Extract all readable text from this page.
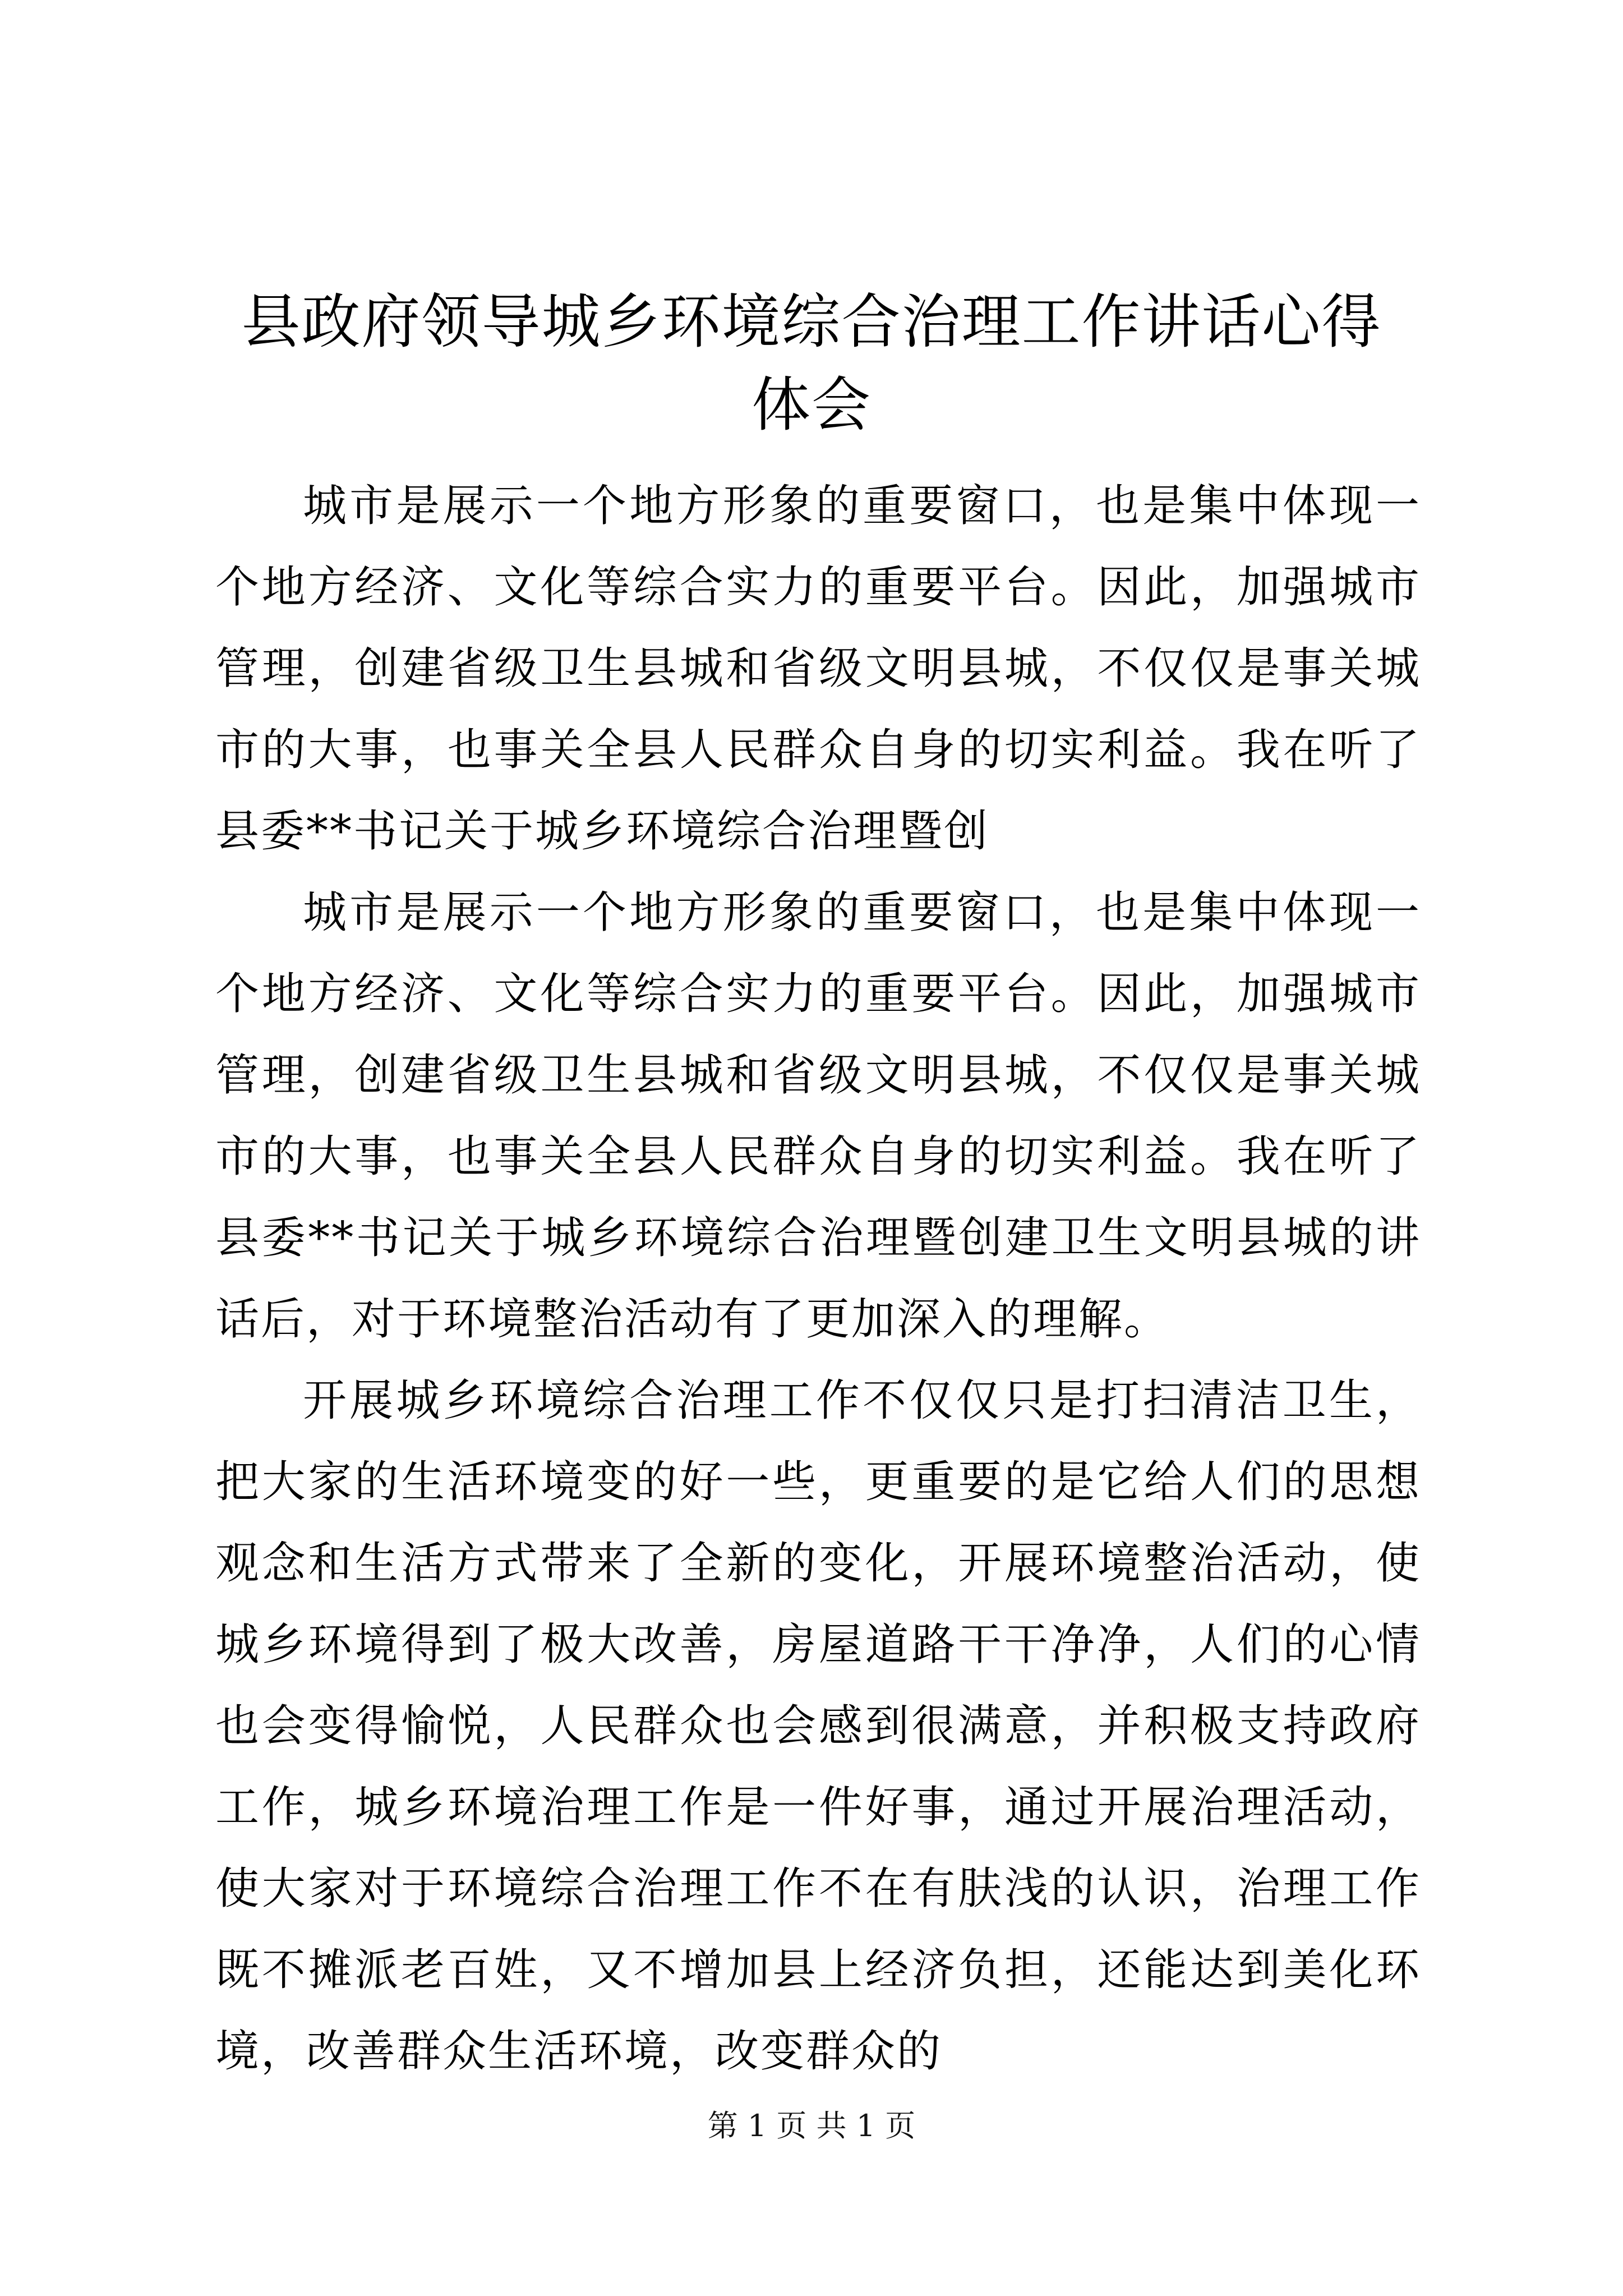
县政府领导城乡环境综合治理工作讲话心得体会

城市是展示一个地方形象的重要窗口，也是集中体现一个地方经济、文化等综合实力的重要平台。因此，加强城市管理，创建省级卫生县城和省级文明县城，不仅仅是事关城市的大事，也事关全县人民群众自身的切实利益。我在听了县委**书记关于城乡环境综合治理暨创

城市是展示一个地方形象的重要窗口，也是集中体现一个地方经济、文化等综合实力的重要平台。因此，加强城市管理，创建省级卫生县城和省级文明县城，不仅仅是事关城市的大事，也事关全县人民群众自身的切实利益。我在听了县委**书记关于城乡环境综合治理暨创建卫生文明县城的讲话后，对于环境整治活动有了更加深入的理解。

开展城乡环境综合治理工作不仅仅只是打扫清洁卫生，把大家的生活环境变的好一些，更重要的是它给人们的思想观念和生活方式带来了全新的变化，开展环境整治活动，使城乡环境得到了极大改善，房屋道路干干净净，人们的心情也会变得愉悦，人民群众也会感到很满意，并积极支持政府工作，城乡环境治理工作是一件好事，通过开展治理活动，使大家对于环境综合治理工作不在有肤浅的认识，治理工作既不摊派老百姓，又不增加县上经济负担，还能达到美化环境，改善群众生活环境，改变群众的

第 1 页 共 1 页
